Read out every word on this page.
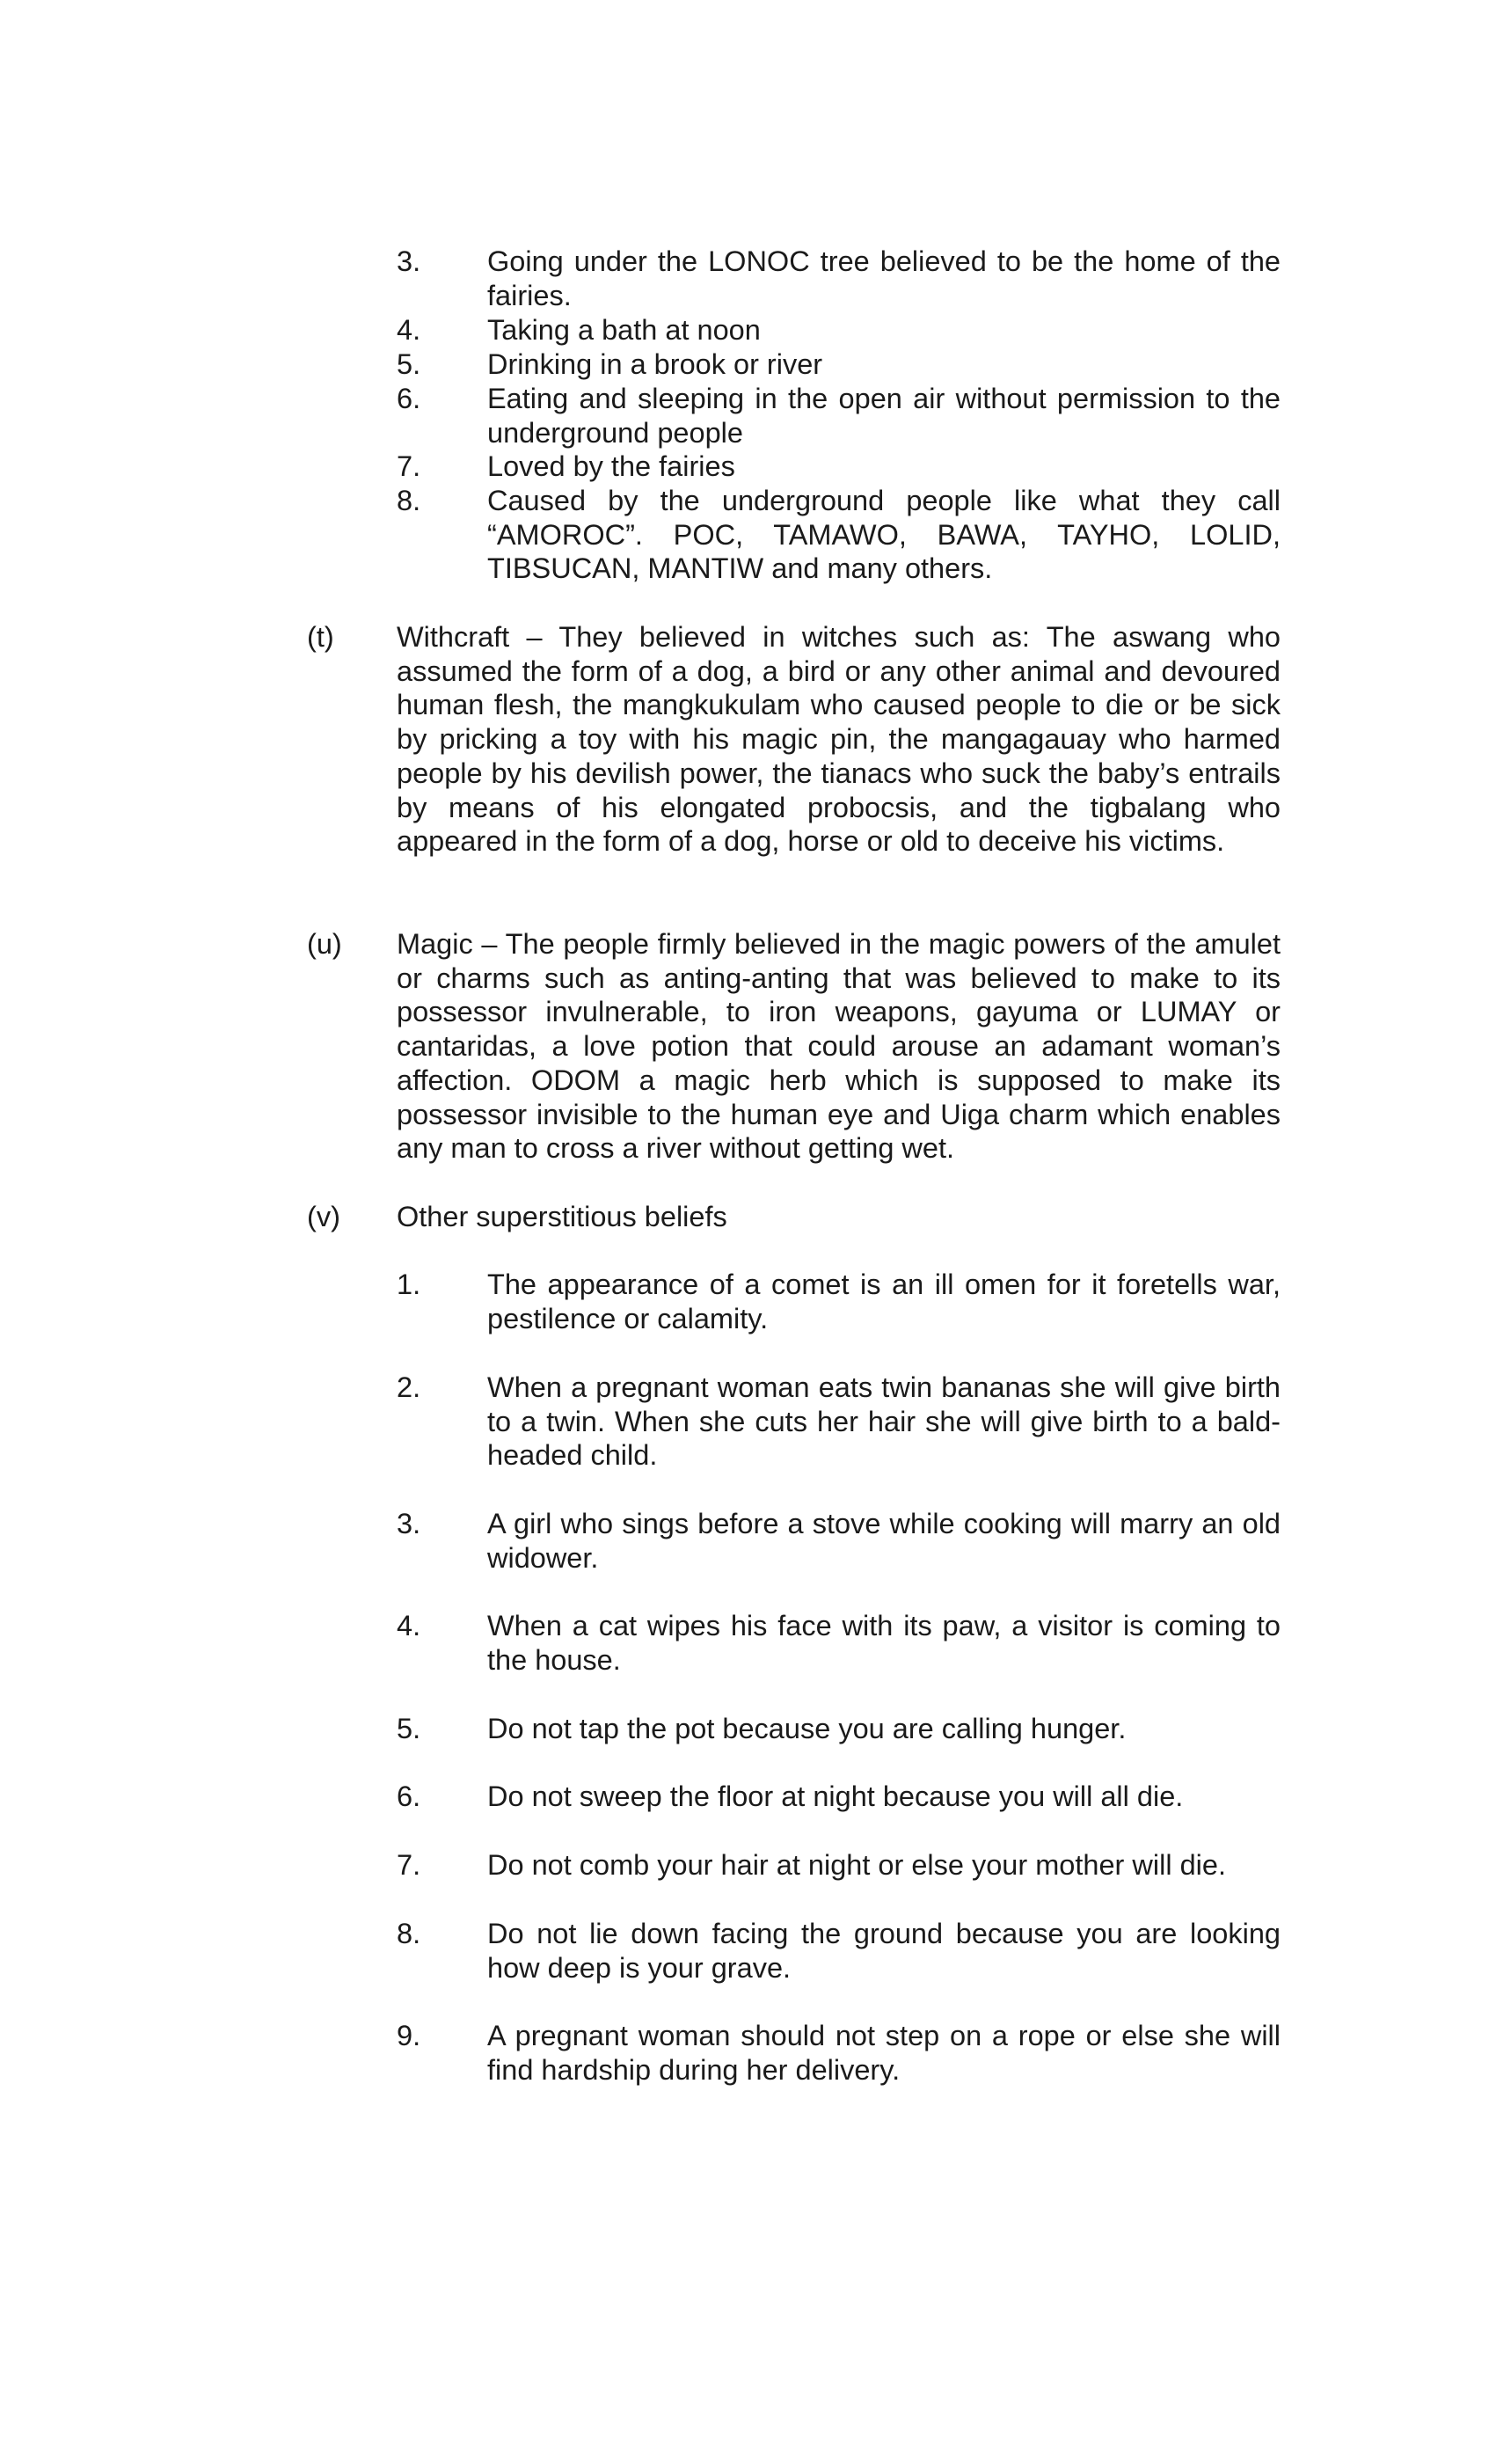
3. Going under the LONOC tree believed to be the home of the fairies.

4. Taking a bath at noon

5. Drinking in a brook or river

6. Eating and sleeping in the open air without permission to the underground people

7. Loved by the fairies

8. Caused by the underground people like what they call “AMOROC”. POC, TAMAWO, BAWA, TAYHO, LOLID, TIBSUCAN, MANTIW and many others.

(t) Withcraft – They believed in witches such as: The aswang who assumed the form of a dog, a bird or any other animal and devoured human flesh, the mangkukulam who caused people to die or be sick by pricking a toy with his magic pin, the mangagauay who harmed people by his devilish power, the tianacs who suck the baby’s entrails by means of his elongated probocsis, and the tigbalang who appeared in the form of a dog, horse or old to deceive his victims.

(u) Magic – The people firmly believed in the magic powers of the amulet or charms such as anting-anting that was believed to make to its possessor invulnerable, to iron weapons, gayuma or LUMAY or cantaridas, a love potion that could arouse an adamant woman’s affection. ODOM a magic herb which is supposed to make its possessor invisible to the human eye and Uiga charm which enables any man to cross a river without getting wet.

(v) Other superstitious beliefs

1. The appearance of a comet is an ill omen for it foretells war, pestilence or calamity.

2. When a pregnant woman eats twin bananas she will give birth to a twin. When she cuts her hair she will give birth to a bald-headed child.

3. A girl who sings before a stove while cooking will marry an old widower.

4. When a cat wipes his face with its paw, a visitor is coming to the house.

5. Do not tap the pot because you are calling hunger.

6. Do not sweep the floor at night because you will all die.

7. Do not comb your hair at night or else your mother will die.

8. Do not lie down facing the ground because you are looking how deep is your grave.

9. A pregnant woman should not step on a rope or else she will find hardship during her delivery.
